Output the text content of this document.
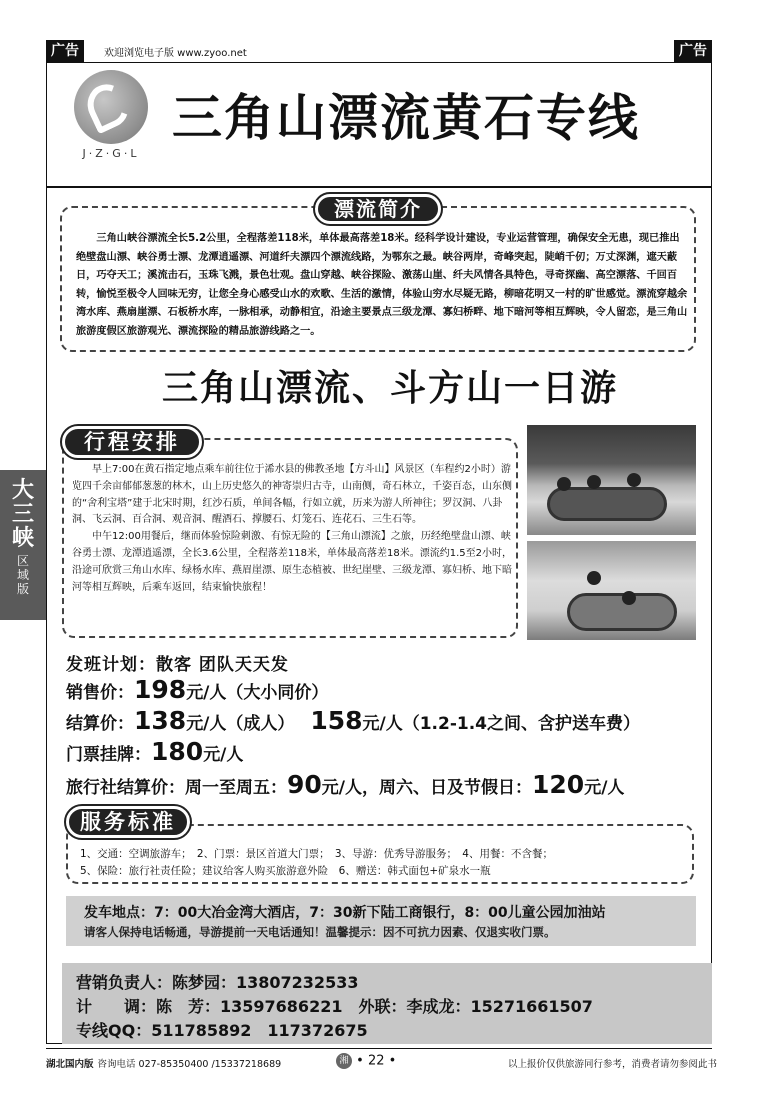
广告	欢迎浏览电子版 www.zyoo.net	广告
J·Z·G·L
三角山漂流黄石专线
漂流简介
三角山峡谷漂流全长5.2公里，全程落差118米，单体最高落差18米。经科学设计建设，专业运营管理，确保安全无患，现已推出绝壁盘山漂、峡谷勇士漂、龙潭逍遥漂、河道纤夫漂四个漂流线路，为鄂东之最。峡谷两岸，奇峰突起，陡峭千仞；万丈深渊，遮天蔽日，巧夺天工；溪流击石，玉珠飞溅，景色壮观。盘山穿越、峡谷探险、激荡山崖、纤夫风情各具特色，寻奇探幽、高空漂落、千回百转，愉悦至极令人回味无穷，让您全身心感受山水的欢歌、生活的激情，体验山穷水尽疑无路，柳暗花明又一村的旷世感觉。漂流穿越余湾水库、燕扇崖漂、石板桥水库，一脉相承，动静相宜，沿途主要景点三级龙潭、寡妇桥畔、地下暗河等相互辉映，令人留恋，是三角山旅游度假区旅游观光、漂流探险的精品旅游线路之一。
三角山漂流、斗方山一日游
行程安排

早上7:00在黄石指定地点乘车前往位于浠水县的佛教圣地【方斗山】风景区（车程约2小时）游览四千余亩郁郁葱葱的林木，山上历史悠久的神寄崇归古寺，山南侧，奇石林立，千姿百态，山东侧的“舍利宝塔”建于北宋时期，红沙石质，单间各幅，行如立就，历来为游人所神往；罗汉洞、八卦洞、飞云洞、百合洞、观音洞、醒酒石、撑腰石、灯笼石、连花石、三生石等。

中午12:00用餐后，继而体验惊险刺激、有惊无险的【三角山漂流】之旅，历经绝壁盘山漂、峡谷勇士漂、龙潭逍遥漂，全长3.6公里，全程落差118米，单体最高落差18米。漂流约1.5至2小时，沿途可欣赏三角山水库、绿杨水库、燕眉崖漂、原生态植被、世纪崖壁、三级龙潭、寡妇桥、地下暗河等相互辉映，后乘车返回，结束愉快旅程！

大三峡
区域版
发班计划：散客 团队天天发
销售价：198元/人（大小同价）
结算价：138元/人（成人） 158元/人（1.2-1.4之间、含护送车费）
门票挂牌：180元/人
旅行社结算价：周一至周五：90元/人，周六、日及节假日：120元/人
服务标准
1、交通：空调旅游车；　2、门票：景区首道大门票；　3、导游：优秀导游服务；　4、用餐：不含餐；
5、保险：旅行社责任险；建议给客人购买旅游意外险　6、赠送：韩式面包+矿泉水一瓶
发车地点：7：00大冶金湾大酒店，7：30新下陆工商银行，8：00儿童公园加油站
请客人保持电话畅通，导游提前一天电话通知！温馨提示：因不可抗力因素、仅退实收门票。
营销负责人：陈梦园：13807232533
计　　调：陈　芳：13597686221　外联：李成龙：15271661507
专线QQ：511785892　117372675
湖北国内版 咨询电话 027-85350400 /15337218689	湘 • 22 •	以上报价仅供旅游同行参考，消费者请勿参阅此书
